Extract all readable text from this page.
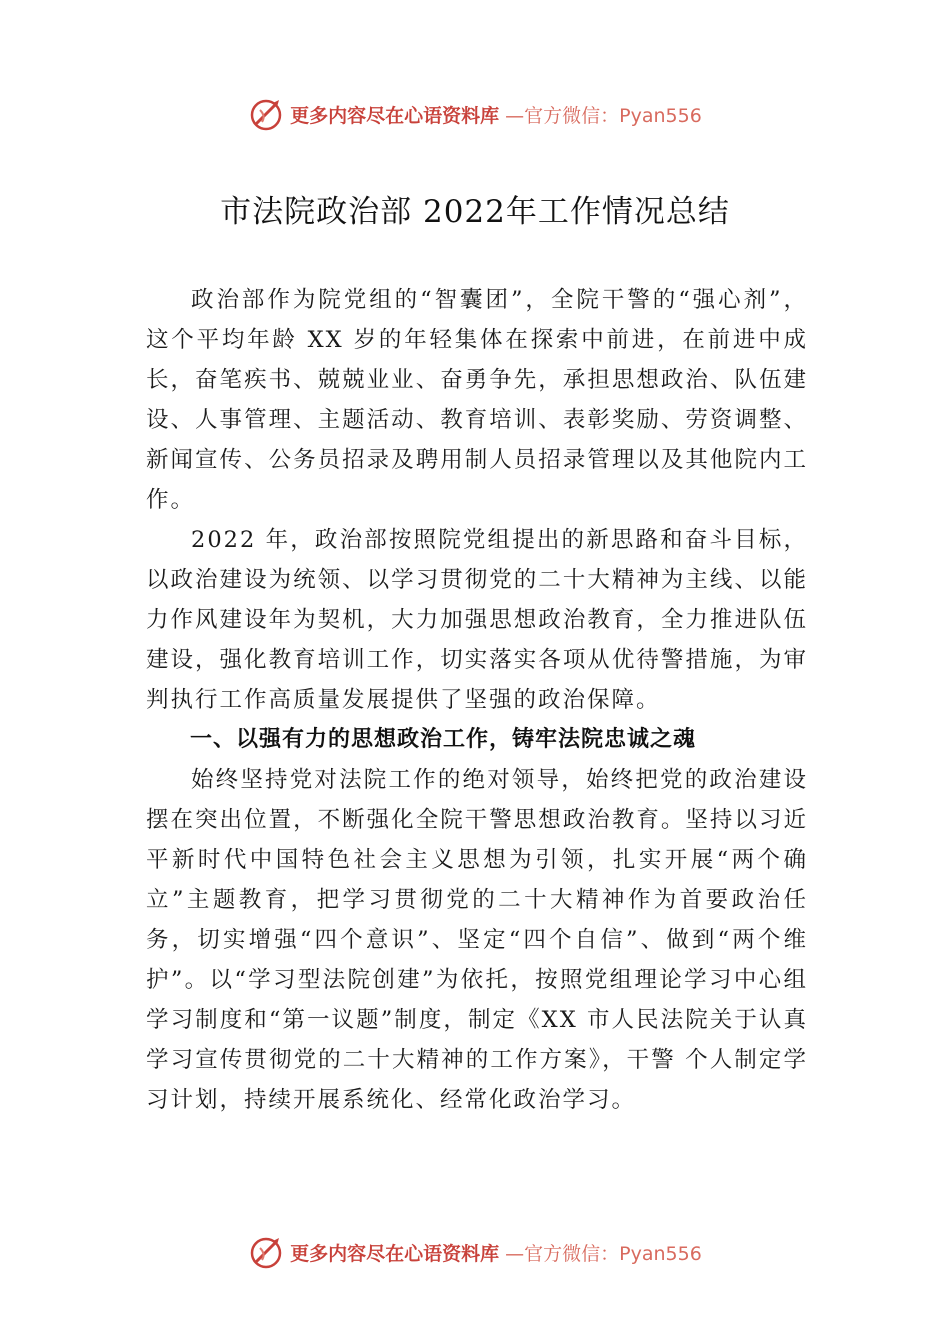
更多内容尽在心语资料库 —官方微信：Pyan556
市法院政治部 2022年工作情况总结

政治部作为院党组的“智囊团”，全院干警的“强心剂”，这个平均年龄 XX 岁的年轻集体在探索中前进，在前进中成长，奋笔疾书、兢兢业业、奋勇争先，承担思想政治、队伍建设、人事管理、主题活动、教育培训、表彰奖励、劳资调整、新闻宣传、公务员招录及聘用制人员招录管理以及其他院内工作。

2022 年，政治部按照院党组提出的新思路和奋斗目标，以政治建设为统领、以学习贯彻党的二十大精神为主线、以能力作风建设年为契机，大力加强思想政治教育，全力推进队伍建设，强化教育培训工作，切实落实各项从优待警措施，为审判执行工作高质量发展提供了坚强的政治保障。

一、以强有力的思想政治工作，铸牢法院忠诚之魂

始终坚持党对法院工作的绝对领导，始终把党的政治建设摆在突出位置，不断强化全院干警思想政治教育。坚持以习近平新时代中国特色社会主义思想为引领，扎实开展“两个确立”主题教育，把学习贯彻党的二十大精神作为首要政治任务，切实增强“四个意识”、坚定“四个自信”、做到“两个维护”。以“学习型法院创建”为依托，按照党组理论学习中心组学习制度和“第一议题”制度，制定《XX 市人民法院关于认真学习宣传贯彻党的二十大精神的工作方案》，干警 个人制定学习计划，持续开展系统化、经常化政治学习。

更多内容尽在心语资料库 —官方微信：Pyan556
